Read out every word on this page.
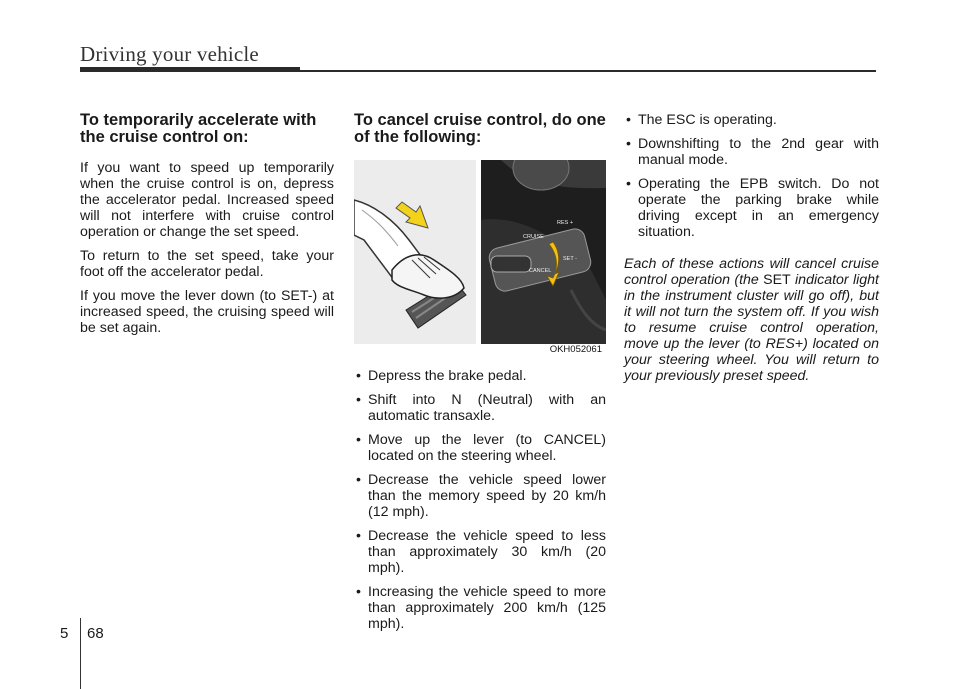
Driving your vehicle
To temporarily accelerate with the cruise control on:

If you want to speed up temporarily when the cruise control is on, depress the accelerator pedal. Increased speed will not interfere with cruise control operation or change the set speed.

To return to the set speed, take your foot off the accelerator pedal.

If you move the lever down (to SET-) at increased speed, the cruising speed will be set again.

To cancel cruise control, do one of the following:
CRUISE
RES +
CANCEL
SET -
OKH052061
• Depress the brake pedal.
• Shift into N (Neutral) with an automatic transaxle.
• Move up the lever (to CANCEL) located on the steering wheel.
• Decrease the vehicle speed lower than the memory speed by 20 km/h (12 mph).
• Decrease the vehicle speed to less than approximately 30 km/h (20 mph).
• Increasing the vehicle speed to more than approximately 200 km/h (125 mph).
• The ESC is operating.
• Downshifting to the 2nd gear with manual mode.
• Operating the EPB switch. Do not operate the parking brake while driving except in an emergency situation.

Each of these actions will cancel cruise control operation (the SET indicator light in the instrument cluster will go off), but it will not turn the system off. If you wish to resume cruise control operation, move up the lever (to RES+) located on your steering wheel. You will return to your previously preset speed.

5 68
